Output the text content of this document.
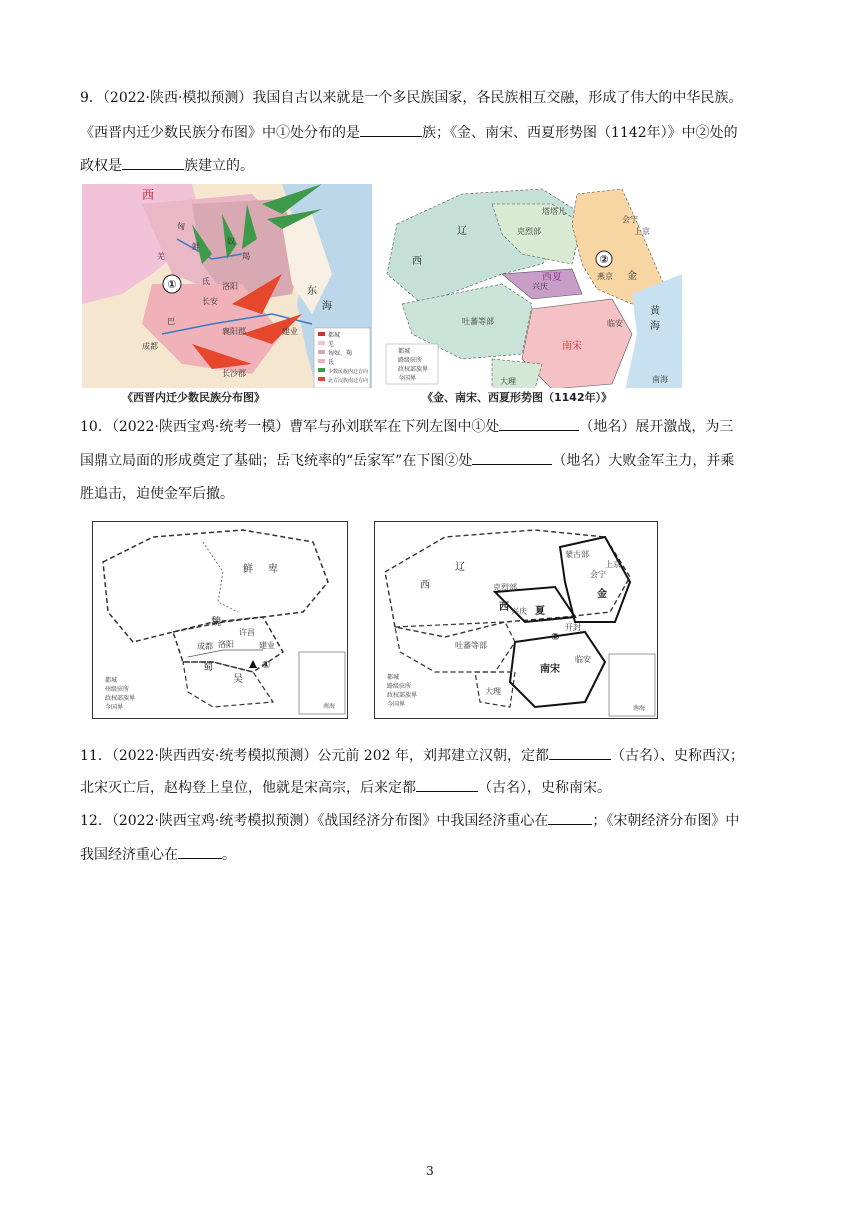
9．（2022·陕西·模拟预测）我国自古以来就是一个多民族国家，各民族相互交融，形成了伟大的中华民族。
《西晋内迁少数民族分布图》中①处分布的是	族；《金、南宋、西夏形势图（1142年）》中②处的
政权是	族建立的。
①
西
鲜
匈
奴
羯
氐
羌
洛阳
长安
襄阳郡
成都
建业
长沙郡
巴
东
海
都城
羌
匈奴、羯
氐
少数民族内迁方向
北方汉族南迁方向
《西晋内迁少数民族分布图》
②
西
辽	克烈部
兴庆
西夏
吐蕃等部
大理
南宋
临安
上京
会宁
金
燕京
塔塔儿
黄
海
南海
都城
路级驻所
政权部族界
今国界
《金、南宋、西夏形势图（1142年）》
10．（2022·陕西宝鸡·统考一模）曹军与孙刘联军在下列左图中①处	（地名）展开激战，为三
国鼎立局面的形成奠定了基础；岳飞统率的“岳家军”在下图②处	（地名）大败金军主力，并乘
胜追击，迫使金军后撤。
鲜 卑
魏
蜀
吴
成都 洛阳	建业
许昌
①
南海
都城
州级驻所
政权部族界
今国界
西
辽
克烈部
西 兴庆 夏
吐蕃等部
大理
南宋
临安
上京
会宁
金
蒙古部
开封
②
南海
都城
路级驻所
政权部族界
今国界
11．（2022·陕西西安·统考模拟预测）公元前 202 年，刘邦建立汉朝，定都	（古名）、史称西汉；
北宋灭亡后，赵构登上皇位，他就是宋高宗，后来定都	（古名），史称南宋。
12．（2022·陕西宝鸡·统考模拟预测）《战国经济分布图》中我国经济重心在	；《宋朝经济分布图》中
我国经济重心在	。
3
